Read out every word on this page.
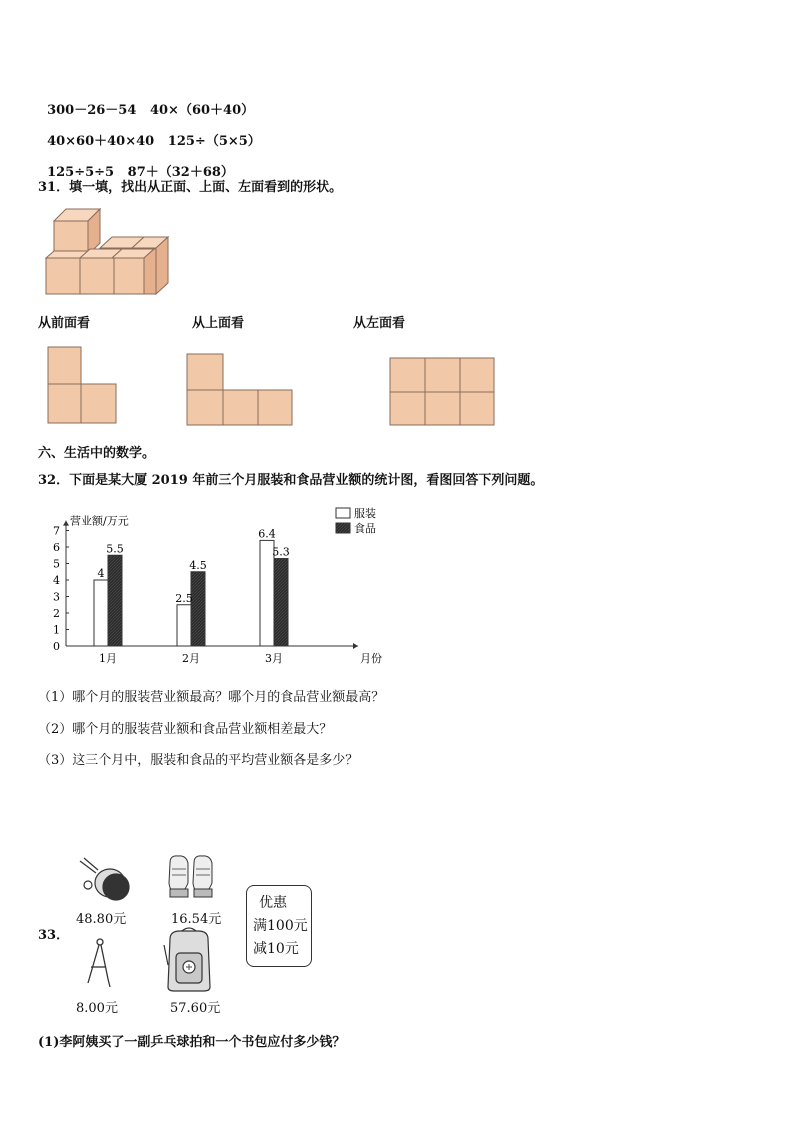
300－26－54 40×（60＋40）

40×60＋40×40 125÷（5×5）

125÷5÷5 87＋（32＋68）

31．填一填，找出从正面、上面、左面看到的形状。
从前面看	从上面看	从左面看
六、生活中的数学。
32．下面是某大厦 2019 年前三个月服装和食品营业额的统计图，看图回答下列问题。
营业额/万元
月份
0
1
2
3
4
5
6
7
1月	2月	3月
4
5.5
2.5
4.5
6.4
5.3
服装
食品
（1）哪个月的服装营业额最高？哪个月的食品营业额最高？
（2）哪个月的服装营业额和食品营业额相差最大？
（3）这三个月中，服装和食品的平均营业额各是多少？
33．
48.80元	16.54元
优惠
满100元
减10元
8.00元	57.60元
(1)李阿姨买了一副乒乓球拍和一个书包应付多少钱？
